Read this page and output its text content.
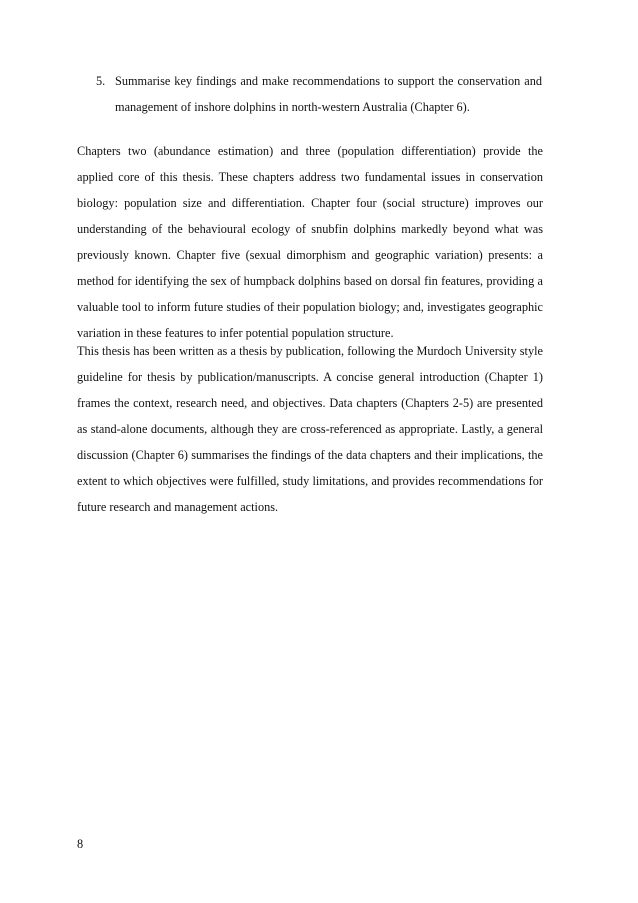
5. Summarise key findings and make recommendations to support the conservation and management of inshore dolphins in north-western Australia (Chapter 6).

Chapters two (abundance estimation) and three (population differentiation) provide the applied core of this thesis. These chapters address two fundamental issues in conservation biology: population size and differentiation. Chapter four (social structure) improves our understanding of the behavioural ecology of snubfin dolphins markedly beyond what was previously known. Chapter five (sexual dimorphism and geographic variation) presents: a method for identifying the sex of humpback dolphins based on dorsal fin features, providing a valuable tool to inform future studies of their population biology; and, investigates geographic variation in these features to infer potential population structure.

This thesis has been written as a thesis by publication, following the Murdoch University style guideline for thesis by publication/manuscripts. A concise general introduction (Chapter 1) frames the context, research need, and objectives. Data chapters (Chapters 2-5) are presented as stand-alone documents, although they are cross-referenced as appropriate. Lastly, a general discussion (Chapter 6) summarises the findings of the data chapters and their implications, the extent to which objectives were fulfilled, study limitations, and provides recommendations for future research and management actions.

8
